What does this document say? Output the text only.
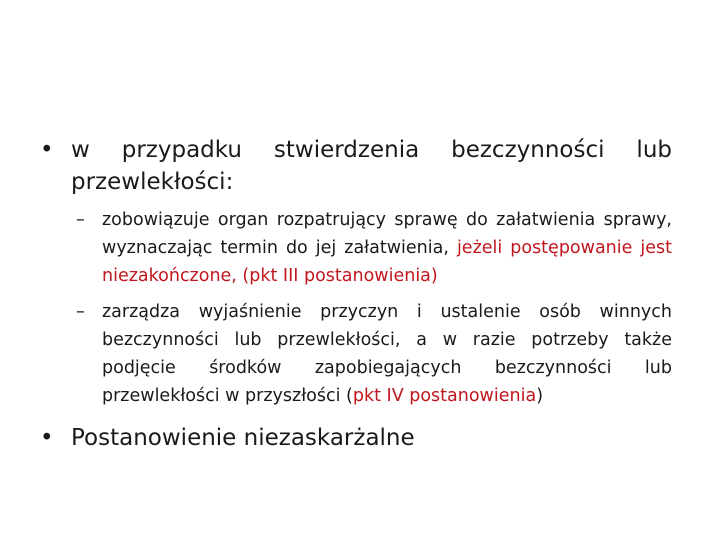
• w przypadku stwierdzenia bezczynności lub przewlekłości:
– zobowiązuje organ rozpatrujący sprawę do załatwienia sprawy, wyznaczając termin do jej załatwienia, jeżeli postępowanie jest niezakończone, (pkt III postanowienia)
– zarządza wyjaśnienie przyczyn i ustalenie osób winnych bezczynności lub przewlekłości, a w razie potrzeby także podjęcie środków zapobiegających bezczynności lub przewlekłości w przyszłości (pkt IV postanowienia)
• Postanowienie niezaskarżalne
